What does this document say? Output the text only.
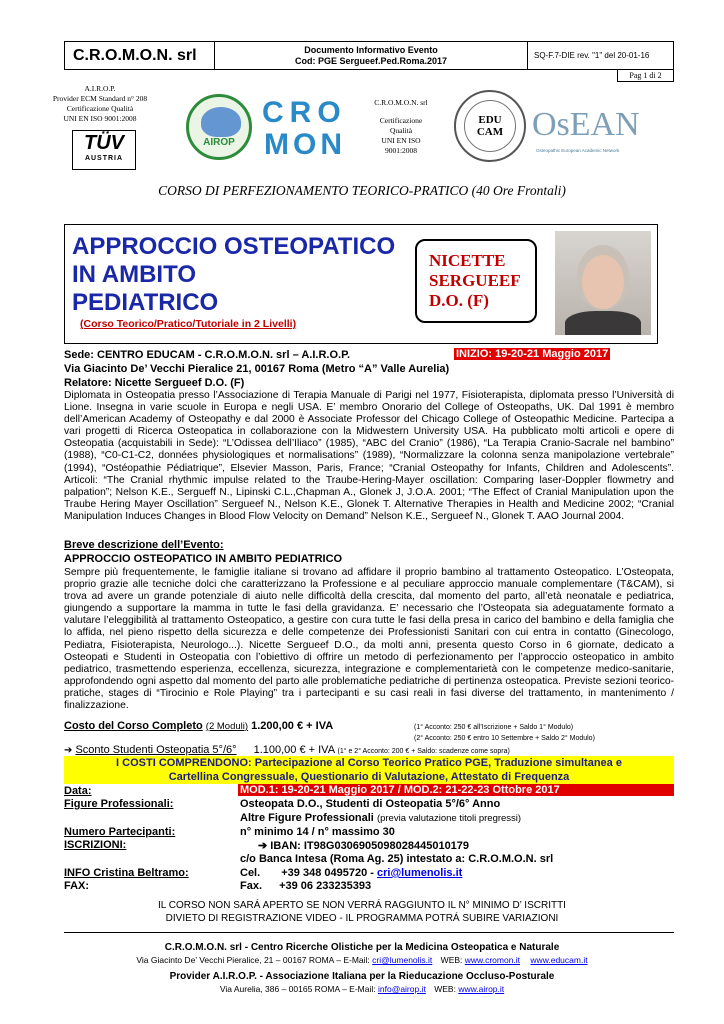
C.R.O.M.O.N. srl	Documento Informativo Evento
Cod: PGE Sergueef.Ped.Roma.2017
SQ-F.7-DIE rev. "1" del 20-01-16
Pag 1 di 2
A.I.R.O.P.
Provider ECM Standard n° 208
Certificazione Qualità
UNI EN ISO 9001:2008
TÜV
AUSTRIA
AIROP
CRO
MON
C.R.O.M.O.N. srl
Certificazione
Qualità
UNI EN ISO
9001:2008
EDU CAM OsEAN
Osteopathic European Academic Network
CORSO DI PERFEZIONAMENTO TEORICO-PRATICO (40 Ore Frontali)
APPROCCIO OSTEOPATICO
IN AMBITO
PEDIATRICO
(Corso Teorico/Pratico/Tutoriale in 2 Livelli)
NICETTE
SERGUEEF
D.O. (F)
Sede: CENTRO EDUCAM - C.R.O.M.O.N. srl – A.I.R.O.P.	INIZIO: 19-20-21 Maggio 2017
Via Giacinto De’ Vecchi Pieralice 21, 00167 Roma (Metro “A” Valle Aurelia)
Relatore: Nicette Sergueef D.O. (F)
Diplomata in Osteopatia presso l’Associazione di Terapia Manuale di Parigi nel 1977, Fisioterapista, diplomata presso l’Università di Lione. Insegna in varie scuole in Europa e negli USA. E’ membro Onorario del College of Osteopaths, UK. Dal 1991 è membro dell’American Academy of Osteopathy e dal 2000 è Associate Professor del Chicago College of Osteopathic Medicine. Partecipa a vari progetti di Ricerca Osteopatica in collaborazione con la Midwestern University USA. Ha pubblicato molti articoli e opere di Osteopatia (acquistabili in Sede): “L’Odissea dell’Iliaco” (1985), “ABC del Cranio” (1986), “La Terapia Cranio-Sacrale nel bambino” (1988), “C0-C1-C2, données physiologiques et normalisations” (1989), “Normalizzare la colonna senza manipolazione vertebrale” (1994), “Ostéopathie Pédiatrique”, Elsevier Masson, Paris, France; “Cranial Osteopathy for Infants, Children and Adolescents”. Articoli: “The Cranial rhythmic impulse related to the Traube-Hering-Mayer oscillation: Comparing laser-Doppler flowmetry and palpation”; Nelson K.E., Sergueff N., Lipinski C.L.,Chapman A., Glonek J, J.O.A. 2001; “The Effect of Cranial Manipulation upon the Traube Hering Mayer Oscillation” Sergueef N., Nelson K.E., Glonek T. Alternative Therapies in Health and Medicine 2002; “Cranial Manipulation Induces Changes in Blood Flow Velocity on Demand” Nelson K.E., Sergueef N., Glonek T. AAO Journal 2004.
Breve descrizione dell’Evento:
APPROCCIO OSTEOPATICO IN AMBITO PEDIATRICO
Sempre più frequentemente, le famiglie italiane si trovano ad affidare il proprio bambino al trattamento Osteopatico. L’Osteopata, proprio grazie alle tecniche dolci che caratterizzano la Professione e al peculiare approccio manuale complementare (T&CAM), si trova ad avere un grande potenziale di aiuto nelle difficoltà della crescita, dal momento del parto, all’età neonatale e pediatrica, giungendo a supportare la mamma in tutte le fasi della gravidanza. E’ necessario che l’Osteopata sia adeguatamente formato a valutare l’eleggibilità al trattamento Osteopatico, a gestire con cura tutte le fasi della presa in carico del bambino e della famiglia che lo affida, nel pieno rispetto della sicurezza e delle competenze dei Professionisti Sanitari con cui entra in contatto (Ginecologo, Pediatra, Fisioterapista, Neurologo...). Nicette Sergueef D.O., da molti anni, presenta questo Corso in 6 giornate, dedicato a Osteopati e Studenti in Osteopatia con l’obiettivo di offrire un metodo di perfezionamento per l’approccio osteopatico in ambito pediatrico, trasmettendo esperienza, eccellenza, sicurezza, integrazione e complementarietà con le competenze medico-sanitarie, approfondendo ogni aspetto dal momento del parto alle problematiche pediatriche di pertinenza osteopatica. Previste sezioni teorico-pratiche, stages di “Tirocinio e Role Playing” tra i partecipanti e su casi reali in fasi diverse del trattamento, in mantenimento / finalizzazione.
Costo del Corso Completo (2 Moduli) 1.200,00 € + IVA	(1° Acconto: 250 € all’Iscrizione + Saldo 1° Modulo)
(2° Acconto: 250 € entro 10 Settembre + Saldo 2° Modulo)
➔ Sconto Studenti Osteopatia 5°/6° 1.100,00 € + IVA (1° e 2° Acconto: 200 € + Saldo: scadenze come sopra)
I COSTI COMPRENDONO: Partecipazione al Corso Teorico Pratico PGE, Traduzione simultanea e
Cartellina Congressuale, Questionario di Valutazione, Attestato di Frequenza
Data:	MOD.1: 19-20-21 Maggio 2017 / MOD.2: 21-22-23 Ottobre 2017
Figure Professionali:	Osteopata D.O., Studenti di Osteopatia 5°/6° Anno
Altre Figure Professionali (previa valutazione titoli pregressi)
Numero Partecipanti:	n° minimo 14 / n° massimo 30
ISCRIZIONI:	➔ IBAN: IT98G0306905098028445010179
c/o Banca Intesa (Roma Ag. 25) intestato a: C.R.O.M.O.N. srl
INFO Cristina Beltramo:	Cel. +39 348 0495720 - cri@lumenolis.it
FAX:	Fax. +39 06 233235393
IL CORSO NON SARÁ APERTO SE NON VERRÁ RAGGIUNTO IL N° MINIMO D’ ISCRITTI
DIVIETO DI REGISTRAZIONE VIDEO - IL PROGRAMMA POTRÁ SUBIRE VARIAZIONI
C.R.O.M.O.N. srl - Centro Ricerche Olistiche per la Medicina Osteopatica e Naturale
Via Giacinto De’ Vecchi Pieralice, 21 – 00167 ROMA – E-Mail: cri@lumenolis.it WEB: www.cromon.it www.educam.it
Provider A.I.R.O.P. - Associazione Italiana per la Rieducazione Occluso-Posturale
Via Aurelia, 386 – 00165 ROMA – E-Mail: info@airop.it WEB: www.airop.it
